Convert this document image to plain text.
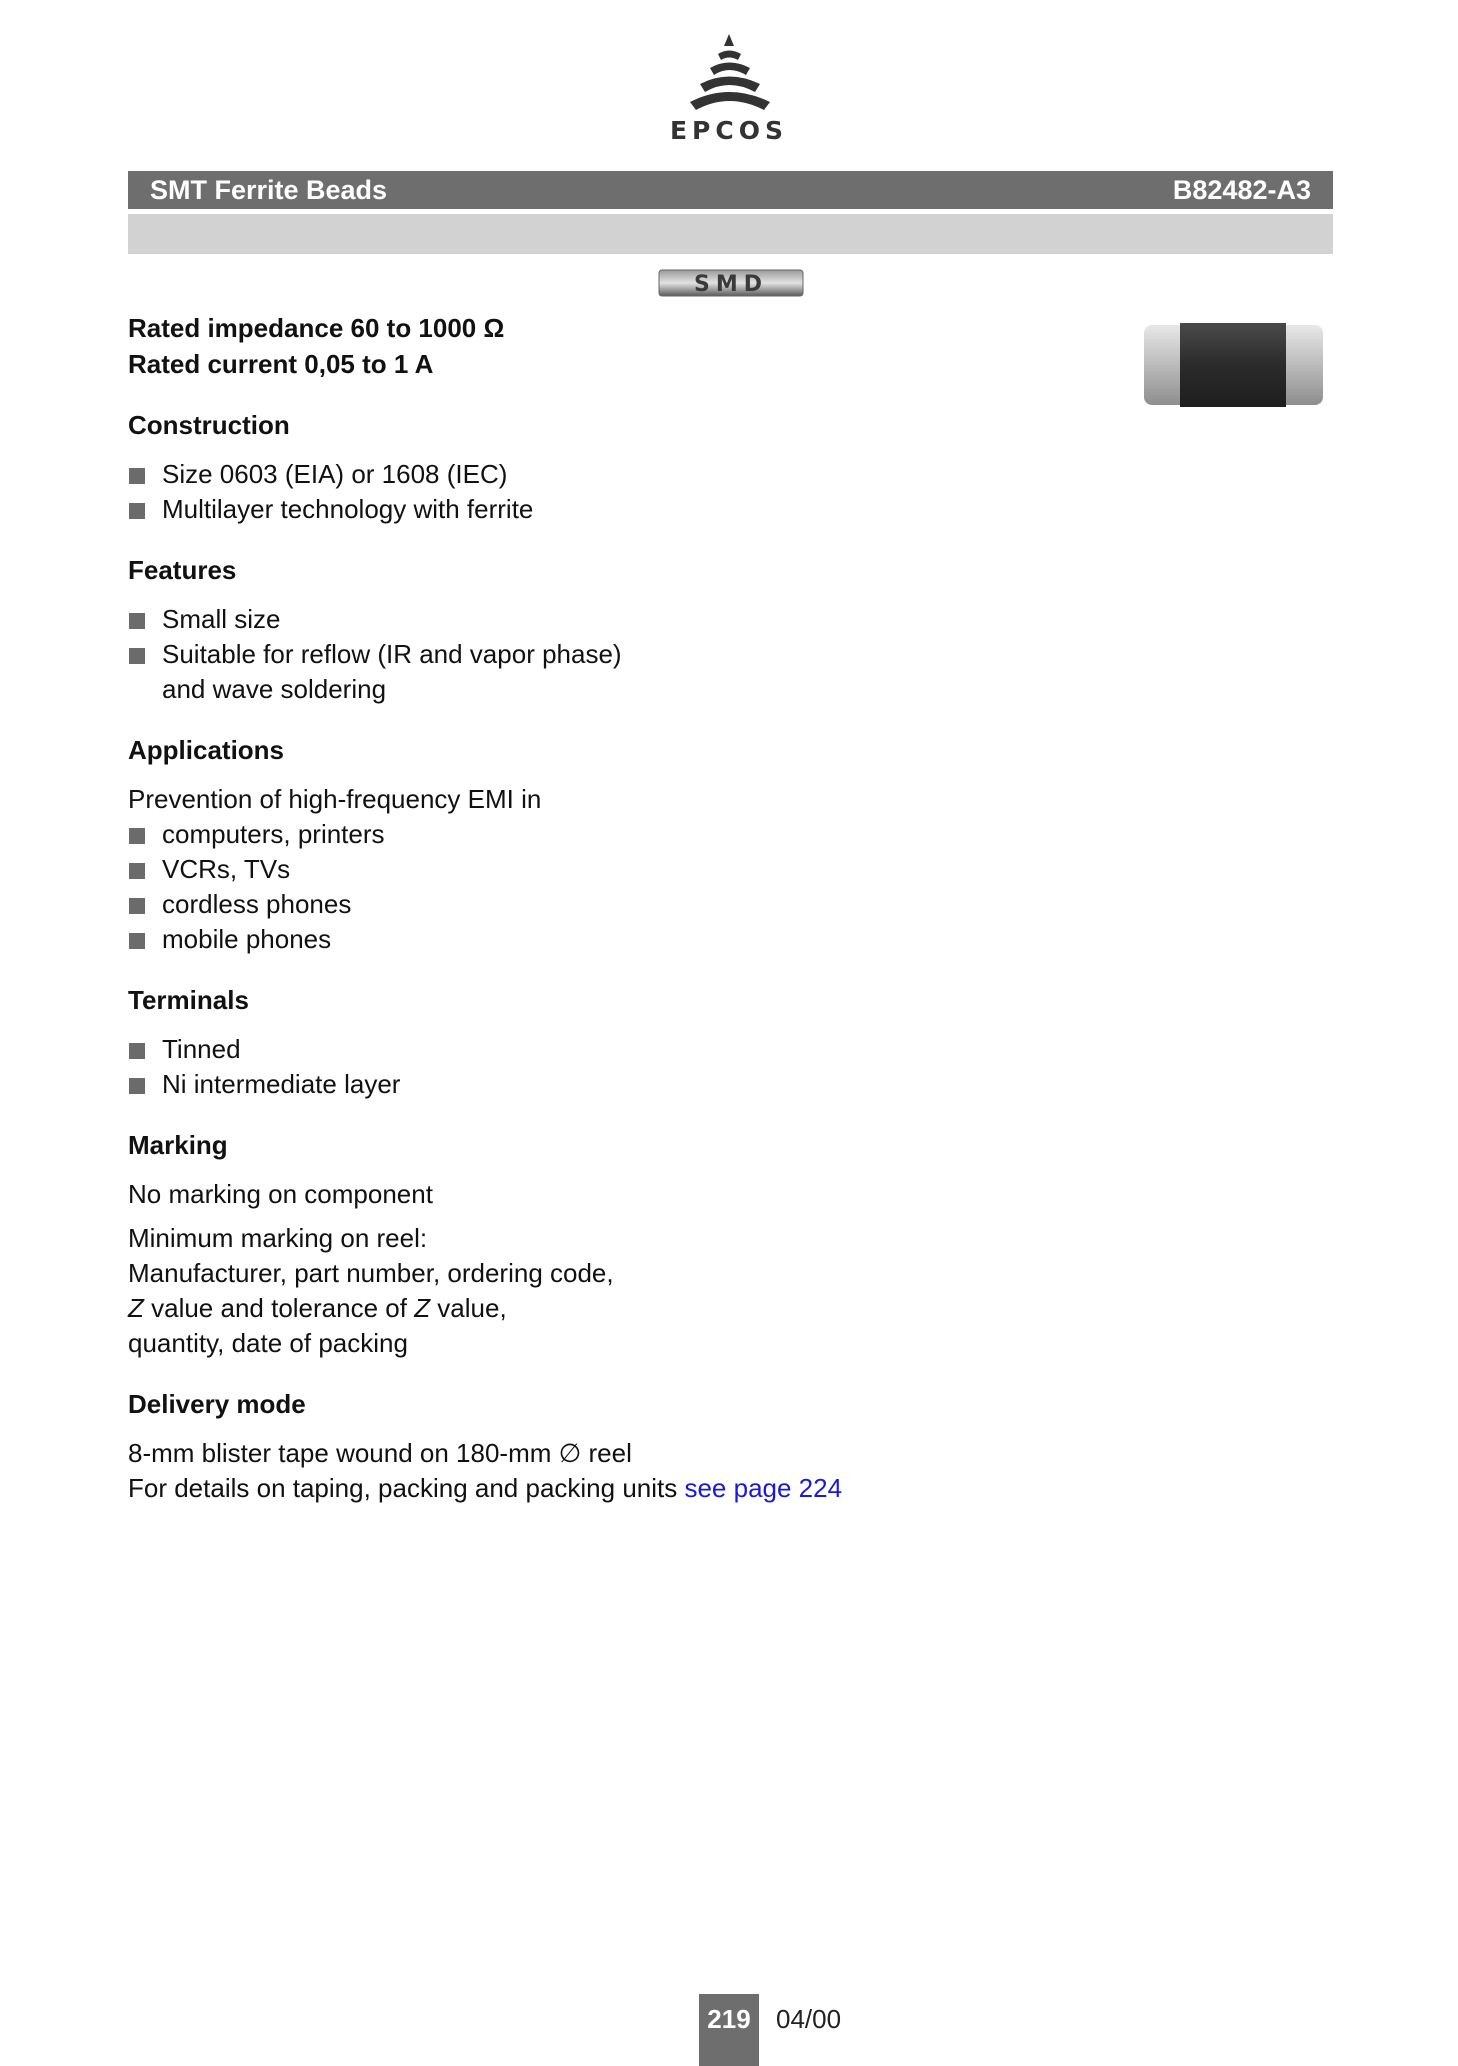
EPCOS
SMT Ferrite Beads	B82482-A3
SMD
Rated impedance 60 to 1000 Ω
Rated current 0,05 to 1 A
Construction
Size 0603 (EIA) or 1608 (IEC)
Multilayer technology with ferrite
Features
Small size
Suitable for reflow (IR and vapor phase)
and wave soldering
Applications
Prevention of high-frequency EMI in
computers, printers
VCRs, TVs
cordless phones
mobile phones
Terminals
Tinned
Ni intermediate layer
Marking
No marking on component
Minimum marking on reel:
Manufacturer, part number, ordering code,
Z value and tolerance of Z value,
quantity, date of packing
Delivery mode
8-mm blister tape wound on 180-mm ∅ reel
For details on taping, packing and packing units see page 224
219 04/00
